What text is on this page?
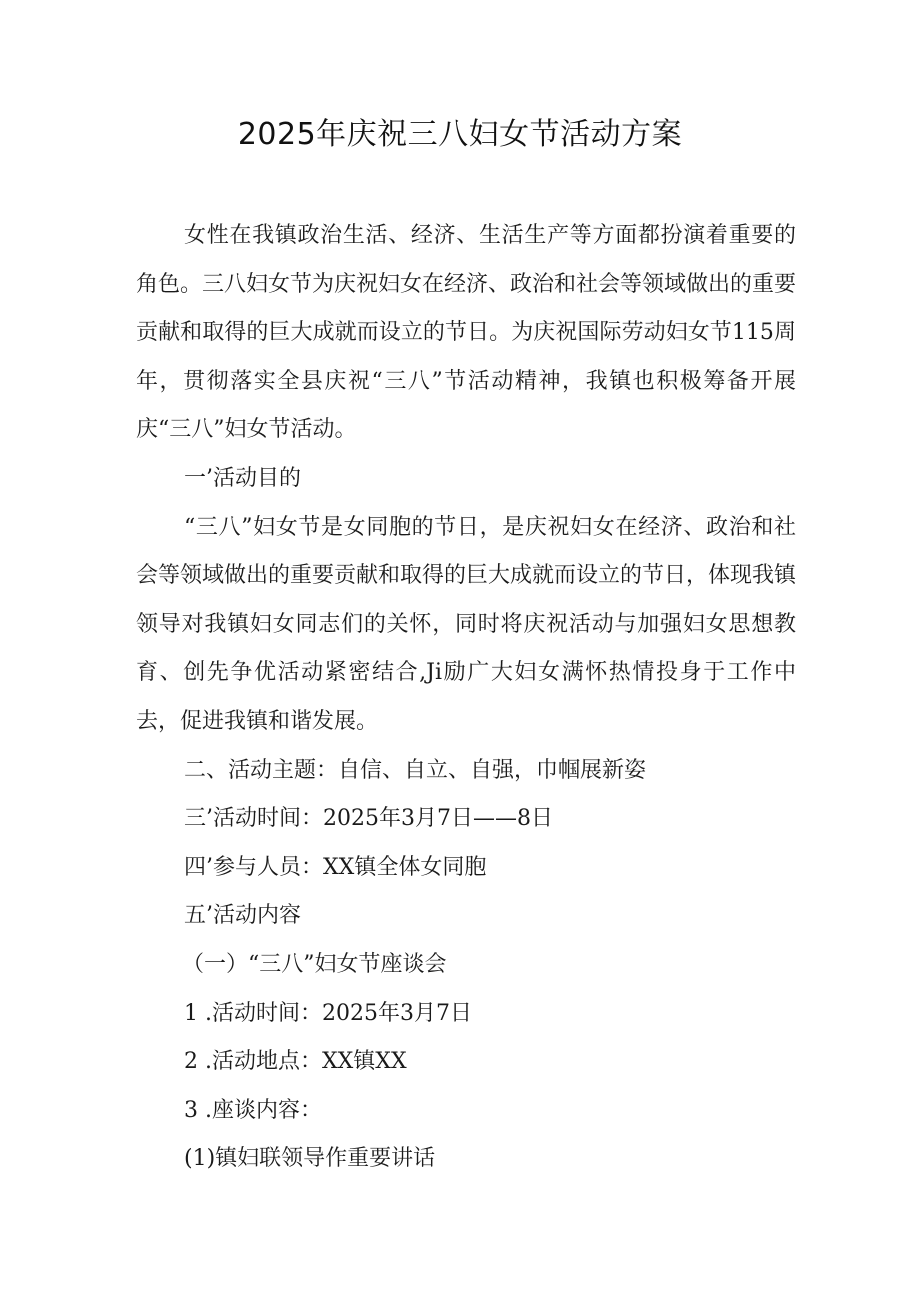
2025年庆祝三八妇女节活动方案

女性在我镇政治生活、经济、生活生产等方面都扮演着重要的角色。三八妇女节为庆祝妇女在经济、政治和社会等领域做出的重要贡献和取得的巨大成就而设立的节日。为庆祝国际劳动妇女节115周年，贯彻落实全县庆祝“三八”节活动精神，我镇也积极筹备开展庆“三八”妇女节活动。

一’活动目的

“三八”妇女节是女同胞的节日，是庆祝妇女在经济、政治和社会等领域做出的重要贡献和取得的巨大成就而设立的节日，体现我镇领导对我镇妇女同志们的关怀，同时将庆祝活动与加强妇女思想教育、创先争优活动紧密结合,Ji励广大妇女满怀热情投身于工作中去，促进我镇和谐发展。

二、活动主题：自信、自立、自强，巾帼展新姿

三’活动时间：2025年3月7日——8日

四’参与人员：XX镇全体女同胞

五’活动内容

（一）“三八”妇女节座谈会

1 .活动时间：2025年3月7日

2 .活动地点：XX镇XX

3 .座谈内容：

(1)镇妇联领导作重要讲话
